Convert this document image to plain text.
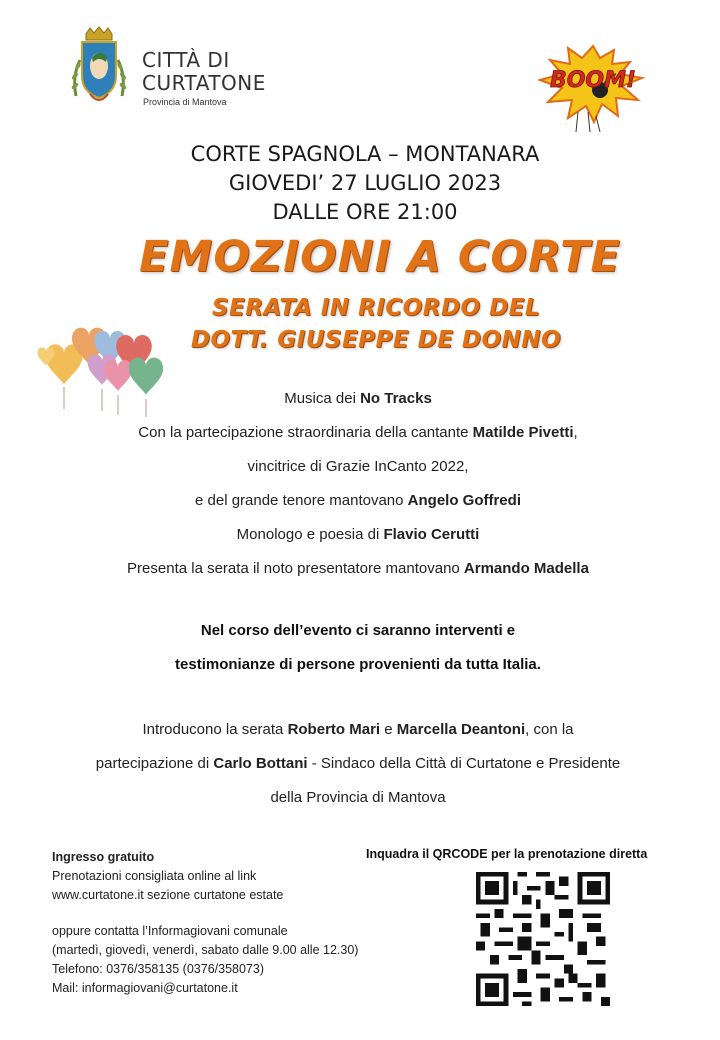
CITTÀ DI
CURTATONE
Provincia di Mantova
BOOM!
CORTE SPAGNOLA – MONTANARA
GIOVEDI’ 27 LUGLIO 2023
DALLE ORE 21:00
EMOZIONI A CORTE
SERATA IN RICORDO DEL
DOTT. GIUSEPPE DE DONNO
Musica dei No Tracks
Con la partecipazione straordinaria della cantante Matilde Pivetti,
vincitrice di Grazie InCanto 2022,
e del grande tenore mantovano Angelo Goffredi
Monologo e poesia di Flavio Cerutti
Presenta la serata il noto presentatore mantovano Armando Madella
Nel corso dell’evento ci saranno interventi e
testimonianze di persone provenienti da tutta Italia.
Introducono la serata Roberto Mari e Marcella Deantoni, con la
partecipazione di Carlo Bottani - Sindaco della Città di Curtatone e Presidente
della Provincia di Mantova
Ingresso gratuito
Prenotazioni consigliata online al link
www.curtatone.it sezione curtatone estate
oppure contatta l’Informagiovani comunale
(martedì, giovedì, venerdì, sabato dalle 9.00 alle 12.30)
Telefono: 0376/358135 (0376/358073)
Mail: informagiovani@curtatone.it
Inquadra il QRCODE per la prenotazione diretta
